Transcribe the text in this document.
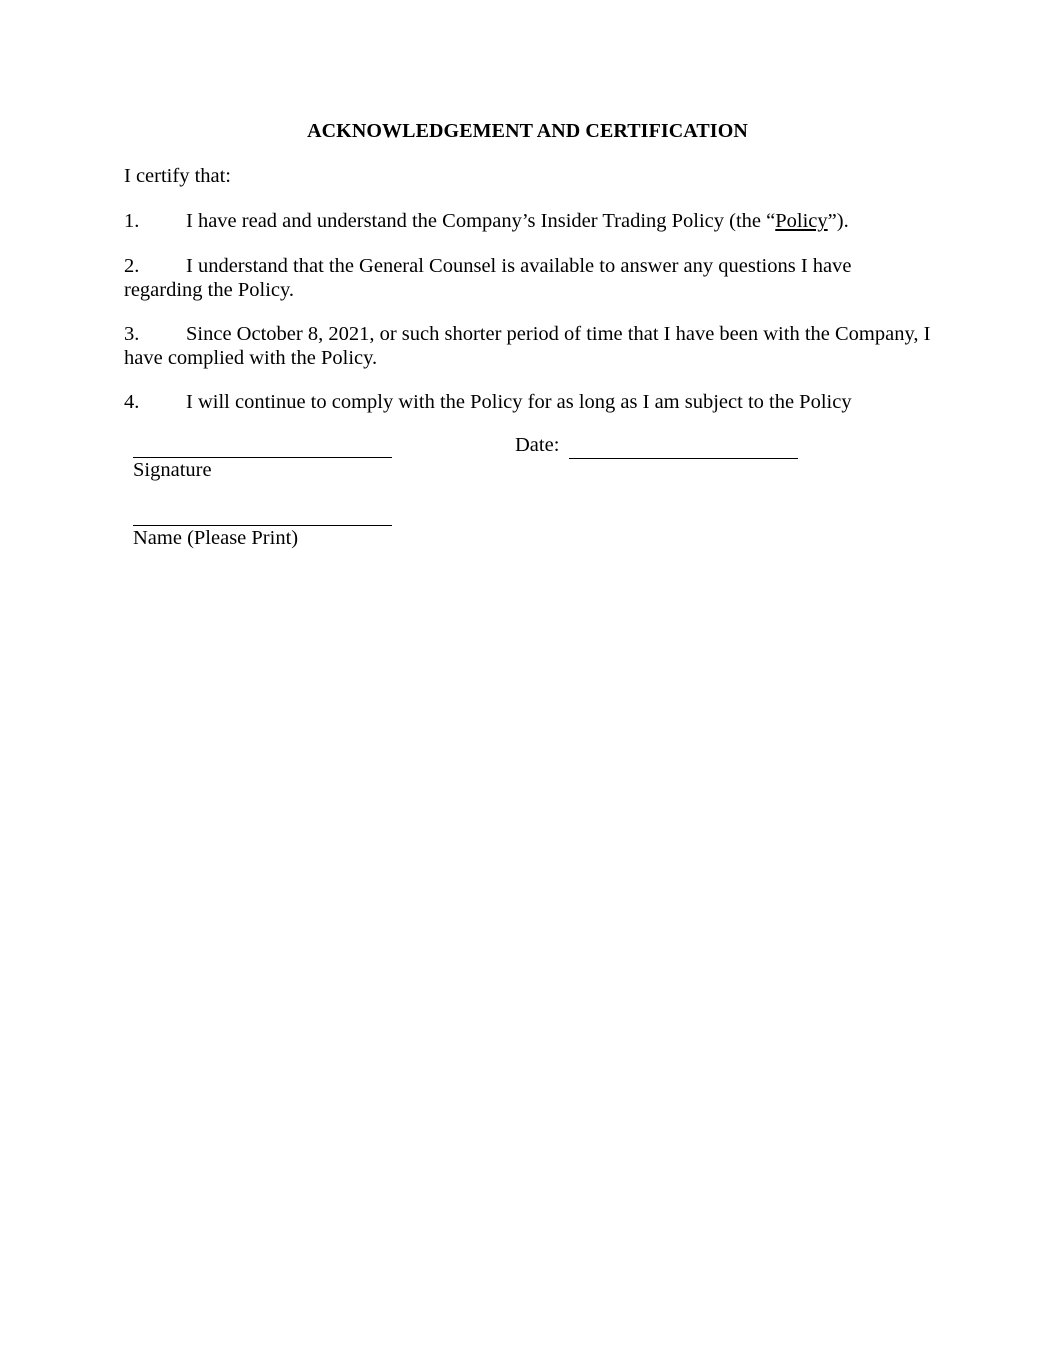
ACKNOWLEDGEMENT AND CERTIFICATION

I certify that:

1. I have read and understand the Company’s Insider Trading Policy (the “Policy”).

2. I understand that the General Counsel is available to answer any questions I have regarding the Policy.

3. Since October 8, 2021, or such shorter period of time that I have been with the Company, I have complied with the Policy.

4. I will continue to comply with the Policy for as long as I am subject to the Policy

Signature

Date:

Name (Please Print)
